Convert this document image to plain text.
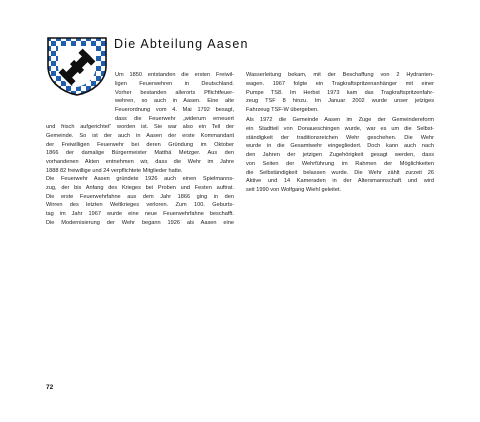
Die Abteilung Aasen
Um 1850 entstanden die ersten Freiwil-
ligen Feuerwehren in Deutschland.
Vorher bestanden allerorts Pflichtfeuer-
wehren, so auch in Aasen. Eine alte
Feuerordnung vom 4. Mai 1792 besagt,
dass die Feuerwehr „widerum erneuert
und frisch aufgerichtet“ worden ist. Sie war also ein Teil der
Gemeinde. So ist der auch in Aasen der erste Kommandant
der Freiwilligen Feuerwehr bei deren Gründung im Oktober
1866 der damalige Bürgermeister Matthä Metzger. Aus den
vorhandenen Akten entnehmen wir, dass die Wehr im Jahre
1888 82 freiwillige und 24 verpflichtete Mitglieder hatte.
Die Feuerwehr Aasen gründete 1926 auch einen Spielmanns-
zug, der bis Anfang des Krieges bei Proben und Festen auftrat.
Die erste Feuerwehrfahne aus dem Jahr 1866 ging in den
Wirren des letzten Weltkrieges verloren. Zum 100. Geburts-
tag im Jahr 1967 wurde eine neue Feuerwehrfahne beschafft.
Die Modernisierung der Wehr begann 1926 als Aasen eine
Wasserleitung bekam, mit der Beschaffung von 2 Hydranten-
wagen. 1967 folgte ein Tragkraftspritzenanhänger mit einer
Pumpe TS8. Im Herbst 1973 kam das Tragkraftspritzenfahr-
zeug TSF 8 hinzu. Im Januar 2002 wurde unser jetziges
Fahrzeug TSF-W übergeben.
Als 1972 die Gemeinde Aasen im Zuge der Gemeindereform
ein Stadtteil von Donaueschingen wurde, war es um die Selbst-
ständigkeit der traditionsreichen Wehr geschehen. Die Wehr
wurde in die Gesamtwehr eingegliedert. Doch kann auch nach
den Jahren der jetzigen Zugehörigkeit gesagt werden, dass
von Seiten der Wehrführung im Rahmen der Möglichkeiten
die Selbständigkeit belassen wurde. Die Wehr zählt zurzeit 26
Aktive und 14 Kameraden in der Altersmannschaft und wird
seit 1990 von Wolfgang Wiehl geleitet.
72
